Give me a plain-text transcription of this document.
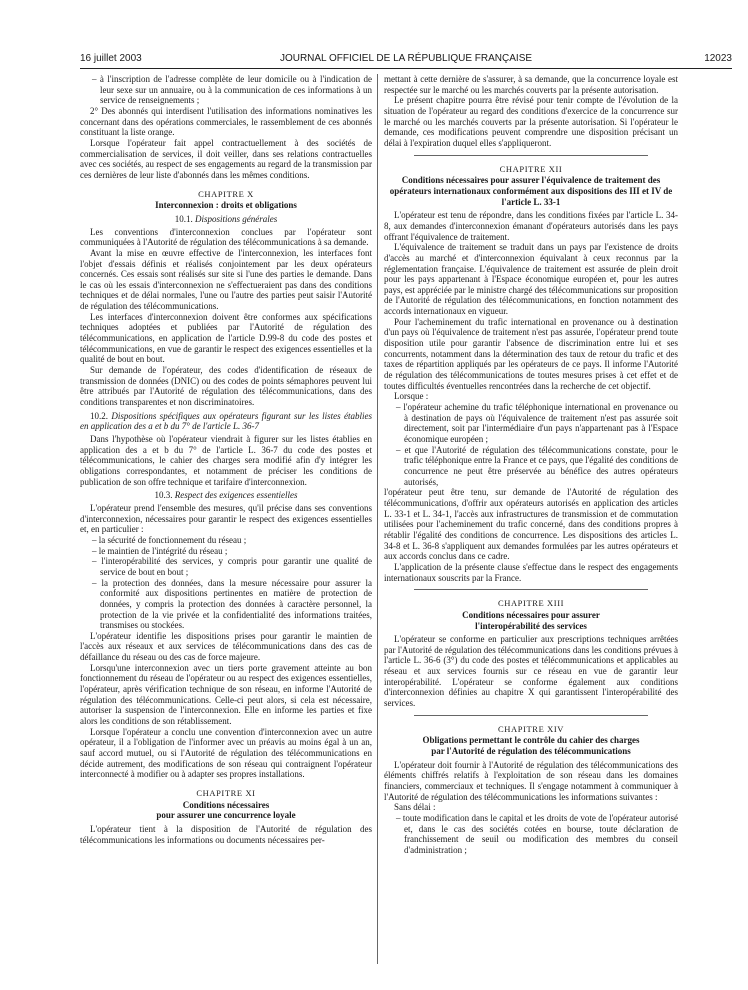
16 juillet 2003	JOURNAL OFFICIEL DE LA RÉPUBLIQUE FRANÇAISE	12023

– à l'inscription de l'adresse complète de leur domicile ou à l'indication de leur sexe sur un annuaire, ou à la communication de ces informations à un service de renseignements ;

2° Des abonnés qui interdisent l'utilisation des informations nominatives les concernant dans des opérations commerciales, le rassemblement de ces abonnés constituant la liste orange.

Lorsque l'opérateur fait appel contractuellement à des sociétés de commercialisation de services, il doit veiller, dans ses relations contractuelles avec ces sociétés, au respect de ses engagements au regard de la transmission par ces dernières de leur liste d'abonnés dans les mêmes conditions.

CHAPITRE X

Interconnexion : droits et obligations

10.1. Dispositions générales

Les conventions d'interconnexion conclues par l'opérateur sont communiquées à l'Autorité de régulation des télécommunications à sa demande.

Avant la mise en œuvre effective de l'interconnexion, les interfaces font l'objet d'essais définis et réalisés conjointement par les deux opérateurs concernés. Ces essais sont réalisés sur site si l'une des parties le demande. Dans le cas où les essais d'interconnexion ne s'effectueraient pas dans des conditions techniques et de délai normales, l'une ou l'autre des parties peut saisir l'Autorité de régulation des télécommunications.

Les interfaces d'interconnexion doivent être conformes aux spécifications techniques adoptées et publiées par l'Autorité de régulation des télécommunications, en application de l'article D.99-8 du code des postes et télécommunications, en vue de garantir le respect des exigences essentielles et la qualité de bout en bout.

Sur demande de l'opérateur, des codes d'identification de réseaux de transmission de données (DNIC) ou des codes de points sémaphores peuvent lui être attribués par l'Autorité de régulation des télécommunications, dans des conditions transparentes et non discriminatoires.

10.2. Dispositions spécifiques aux opérateurs figurant sur les listes établies en application des a et b du 7° de l'article L. 36-7

Dans l'hypothèse où l'opérateur viendrait à figurer sur les listes établies en application des a et b du 7° de l'article L. 36-7 du code des postes et télécommunications, le cahier des charges sera modifié afin d'y intégrer les obligations correspondantes, et notamment de préciser les conditions de publication de son offre technique et tarifaire d'interconnexion.

10.3. Respect des exigences essentielles

L'opérateur prend l'ensemble des mesures, qu'il précise dans ses conventions d'interconnexion, nécessaires pour garantir le respect des exigences essentielles et, en particulier :

– la sécurité de fonctionnement du réseau ;

– le maintien de l'intégrité du réseau ;

– l'interopérabilité des services, y compris pour garantir une qualité de service de bout en bout ;

– la protection des données, dans la mesure nécessaire pour assurer la conformité aux dispositions pertinentes en matière de protection de données, y compris la protection des données à caractère personnel, la protection de la vie privée et la confidentialité des informations traitées, transmises ou stockées.

L'opérateur identifie les dispositions prises pour garantir le maintien de l'accès aux réseaux et aux services de télécommunications dans des cas de défaillance du réseau ou des cas de force majeure.

Lorsqu'une interconnexion avec un tiers porte gravement atteinte au bon fonctionnement du réseau de l'opérateur ou au respect des exigences essentielles, l'opérateur, après vérification technique de son réseau, en informe l'Autorité de régulation des télécommunications. Celle-ci peut alors, si cela est nécessaire, autoriser la suspension de l'interconnexion. Elle en informe les parties et fixe alors les conditions de son rétablissement.

Lorsque l'opérateur a conclu une convention d'interconnexion avec un autre opérateur, il a l'obligation de l'informer avec un préavis au moins égal à un an, sauf accord mutuel, ou si l'Autorité de régulation des télécommunications en décide autrement, des modifications de son réseau qui contraignent l'opérateur interconnecté à modifier ou à adapter ses propres installations.

CHAPITRE XI

Conditions nécessaires

pour assurer une concurrence loyale

L'opérateur tient à la disposition de l'Autorité de régulation des télécommunications les informations ou documents nécessaires per-

mettant à cette dernière de s'assurer, à sa demande, que la concurrence loyale est respectée sur le marché ou les marchés couverts par la présente autorisation.

Le présent chapitre pourra être révisé pour tenir compte de l'évolution de la situation de l'opérateur au regard des conditions d'exercice de la concurrence sur le marché ou les marchés couverts par la présente autorisation. Si l'opérateur le demande, ces modifications peuvent comprendre une disposition précisant un délai à l'expiration duquel elles s'appliqueront.

CHAPITRE XII

Conditions nécessaires pour assurer l'équivalence de traitement des opérateurs internationaux conformément aux dispositions des III et IV de l'article L. 33-1

L'opérateur est tenu de répondre, dans les conditions fixées par l'article L. 34-8, aux demandes d'interconnexion émanant d'opérateurs autorisés dans les pays offrant l'équivalence de traitement.

L'équivalence de traitement se traduit dans un pays par l'existence de droits d'accès au marché et d'interconnexion équivalant à ceux reconnus par la réglementation française. L'équivalence de traitement est assurée de plein droit pour les pays appartenant à l'Espace économique européen et, pour les autres pays, est appréciée par le ministre chargé des télécommunications sur proposition de l'Autorité de régulation des télécommunications, en fonction notamment des accords internationaux en vigueur.

Pour l'acheminement du trafic international en provenance ou à destination d'un pays où l'équivalence de traitement n'est pas assurée, l'opérateur prend toute disposition utile pour garantir l'absence de discrimination entre lui et ses concurrents, notamment dans la détermination des taux de retour du trafic et des taxes de répartition appliqués par les opérateurs de ce pays. Il informe l'Autorité de régulation des télécommunications de toutes mesures prises à cet effet et de toutes difficultés éventuelles rencontrées dans la recherche de cet objectif.

Lorsque :

– l'opérateur achemine du trafic téléphonique international en provenance ou à destination de pays où l'équivalence de traitement n'est pas assurée soit directement, soit par l'intermédiaire d'un pays n'appartenant pas à l'Espace économique européen ;

– et que l'Autorité de régulation des télécommunications constate, pour le trafic téléphonique entre la France et ce pays, que l'égalité des conditions de concurrence ne peut être préservée au bénéfice des autres opérateurs autorisés,

l'opérateur peut être tenu, sur demande de l'Autorité de régulation des télécommunications, d'offrir aux opérateurs autorisés en application des articles L. 33-1 et L. 34-1, l'accès aux infrastructures de transmission et de commutation utilisées pour l'acheminement du trafic concerné, dans des conditions propres à rétablir l'égalité des conditions de concurrence. Les dispositions des articles L. 34-8 et L. 36-8 s'appliquent aux demandes formulées par les autres opérateurs et aux accords conclus dans ce cadre.

L'application de la présente clause s'effectue dans le respect des engagements internationaux souscrits par la France.

CHAPITRE XIII

Conditions nécessaires pour assurer

l'interopérabilité des services

L'opérateur se conforme en particulier aux prescriptions techniques arrêtées par l'Autorité de régulation des télécommunications dans les conditions prévues à l'article L. 36-6 (3°) du code des postes et télécommunications et applicables au réseau et aux services fournis sur ce réseau en vue de garantir leur interopérabilité. L'opérateur se conforme également aux conditions d'interconnexion définies au chapitre X qui garantissent l'interopérabilité des services.

CHAPITRE XIV

Obligations permettant le contrôle du cahier des charges

par l'Autorité de régulation des télécommunications

L'opérateur doit fournir à l'Autorité de régulation des télécommunications des éléments chiffrés relatifs à l'exploitation de son réseau dans les domaines financiers, commerciaux et techniques. Il s'engage notamment à communiquer à l'Autorité de régulation des télécommunications les informations suivantes :

Sans délai :

– toute modification dans le capital et les droits de vote de l'opérateur autorisé et, dans le cas des sociétés cotées en bourse, toute déclaration de franchissement de seuil ou modification des membres du conseil d'administration ;
